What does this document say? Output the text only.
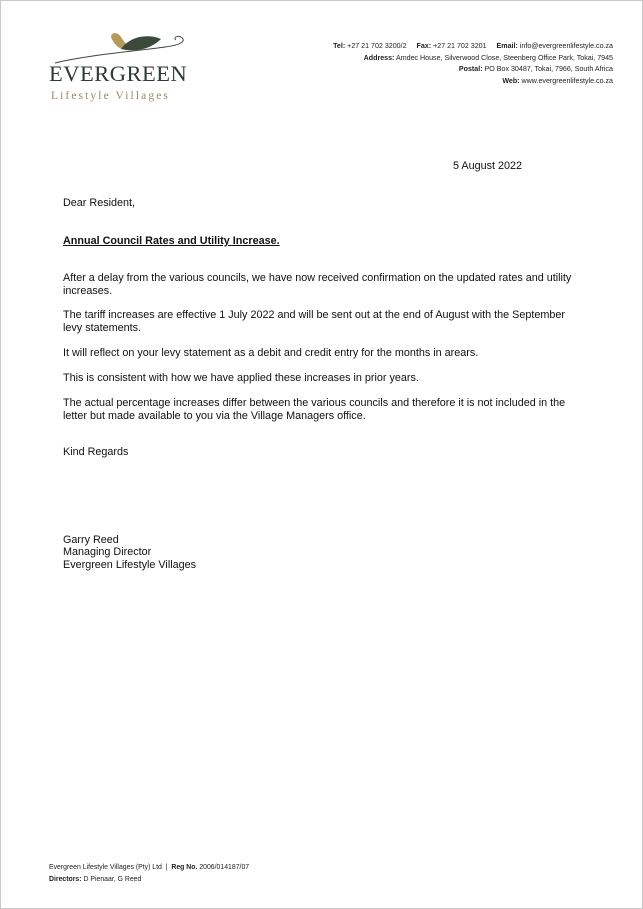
EVERGREEN
Lifestyle Villages
Tel: +27 21 702 3200/2 Fax: +27 21 702 3201 Email: info@evergreenlifestyle.co.za
Address: Amdec House, Silverwood Close, Steenberg Office Park, Tokai, 7945
Postal: PO Box 30487, Tokai, 7966, South Africa
Web: www.evergreenlifestyle.co.za
5 August 2022
Dear Resident,
Annual Council Rates and Utility Increase.
After a delay from the various councils, we have now received confirmation on the updated rates and utility increases.
The tariff increases are effective 1 July 2022 and will be sent out at the end of August with the September levy statements.
It will reflect on your levy statement as a debit and credit entry for the months in arears.
This is consistent with how we have applied these increases in prior years.
The actual percentage increases differ between the various councils and therefore it is not included in the letter but made available to you via the Village Managers office.
Kind Regards
Garry Reed
Managing Director
Evergreen Lifestyle Villages
Evergreen Lifestyle Villages (Pty) Ltd | Reg No. 2006/014187/07
Directors: D Pienaar, G Reed
